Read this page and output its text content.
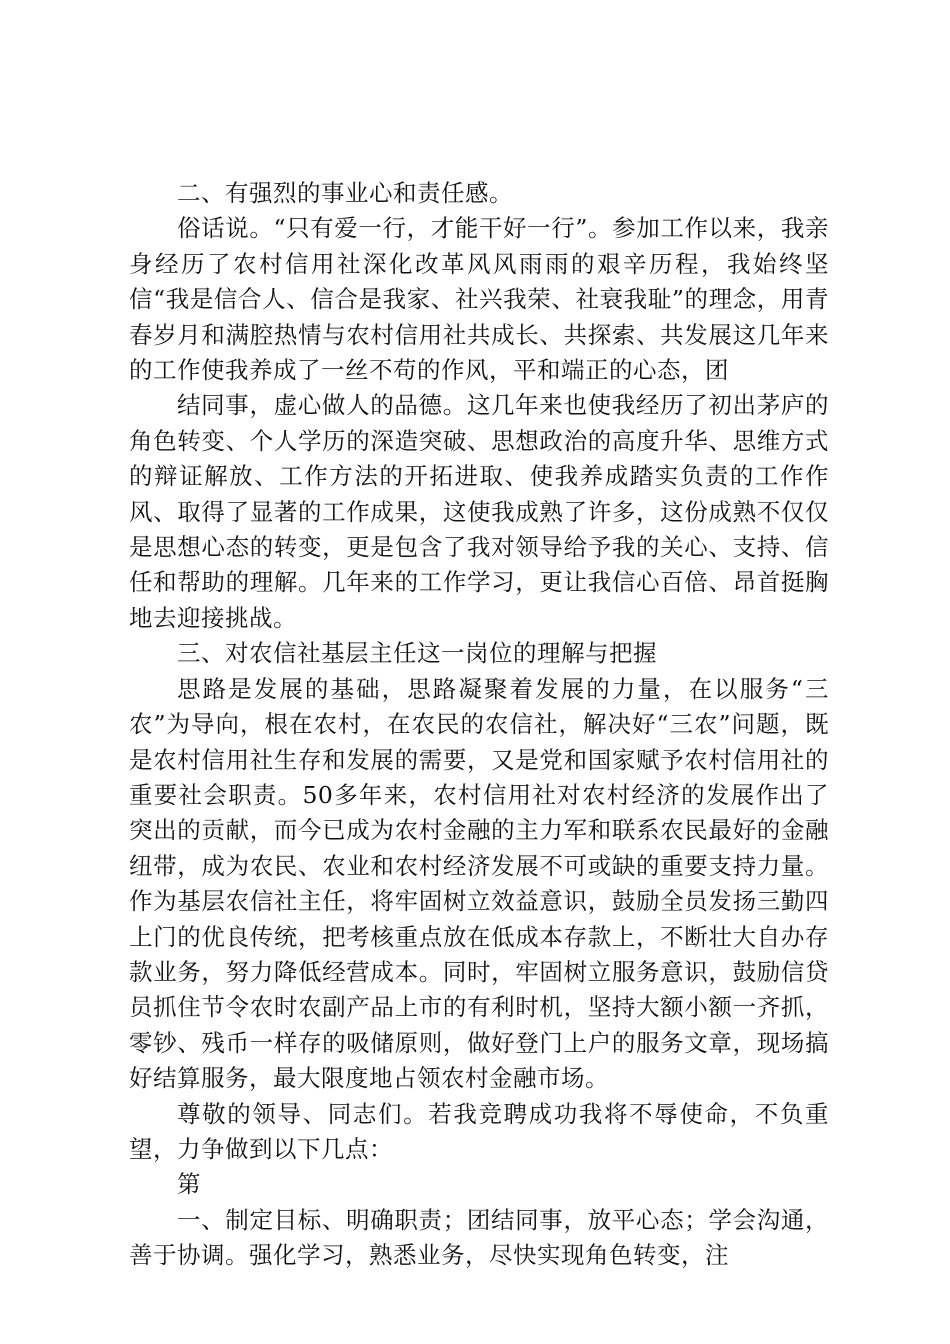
二、有强烈的事业心和责任感。

俗话说。“只有爱一行，才能干好一行”。参加工作以来，我亲身经历了农村信用社深化改革风风雨雨的艰辛历程，我始终坚信“我是信合人、信合是我家、社兴我荣、社衰我耻”的理念，用青春岁月和满腔热情与农村信用社共成长、共探索、共发展这几年来的工作使我养成了一丝不苟的作风，平和端正的心态，团

结同事，虚心做人的品德。这几年来也使我经历了初出茅庐的角色转变、个人学历的深造突破、思想政治的高度升华、思维方式的辩证解放、工作方法的开拓进取、使我养成踏实负责的工作作风、取得了显著的工作成果，这使我成熟了许多，这份成熟不仅仅是思想心态的转变，更是包含了我对领导给予我的关心、支持、信任和帮助的理解。几年来的工作学习，更让我信心百倍、昂首挺胸地去迎接挑战。

三、对农信社基层主任这一岗位的理解与把握

思路是发展的基础，思路凝聚着发展的力量，在以服务“三农”为导向，根在农村，在农民的农信社，解决好“三农”问题，既是农村信用社生存和发展的需要，又是党和国家赋予农村信用社的重要社会职责。50多年来，农村信用社对农村经济的发展作出了突出的贡献，而今已成为农村金融的主力军和联系农民最好的金融纽带，成为农民、农业和农村经济发展不可或缺的重要支持力量。作为基层农信社主任，将牢固树立效益意识，鼓励全员发扬三勤四上门的优良传统，把考核重点放在低成本存款上，不断壮大自办存款业务，努力降低经营成本。同时，牢固树立服务意识，鼓励信贷员抓住节令农时农副产品上市的有利时机，坚持大额小额一齐抓，零钞、残币一样存的吸储原则，做好登门上户的服务文章，现场搞好结算服务，最大限度地占领农村金融市场。

尊敬的领导、同志们。若我竞聘成功我将不辱使命，不负重望，力争做到以下几点：

第

一、制定目标、明确职责；团结同事，放平心态；学会沟通，善于协调。强化学习，熟悉业务，尽快实现角色转变，注
